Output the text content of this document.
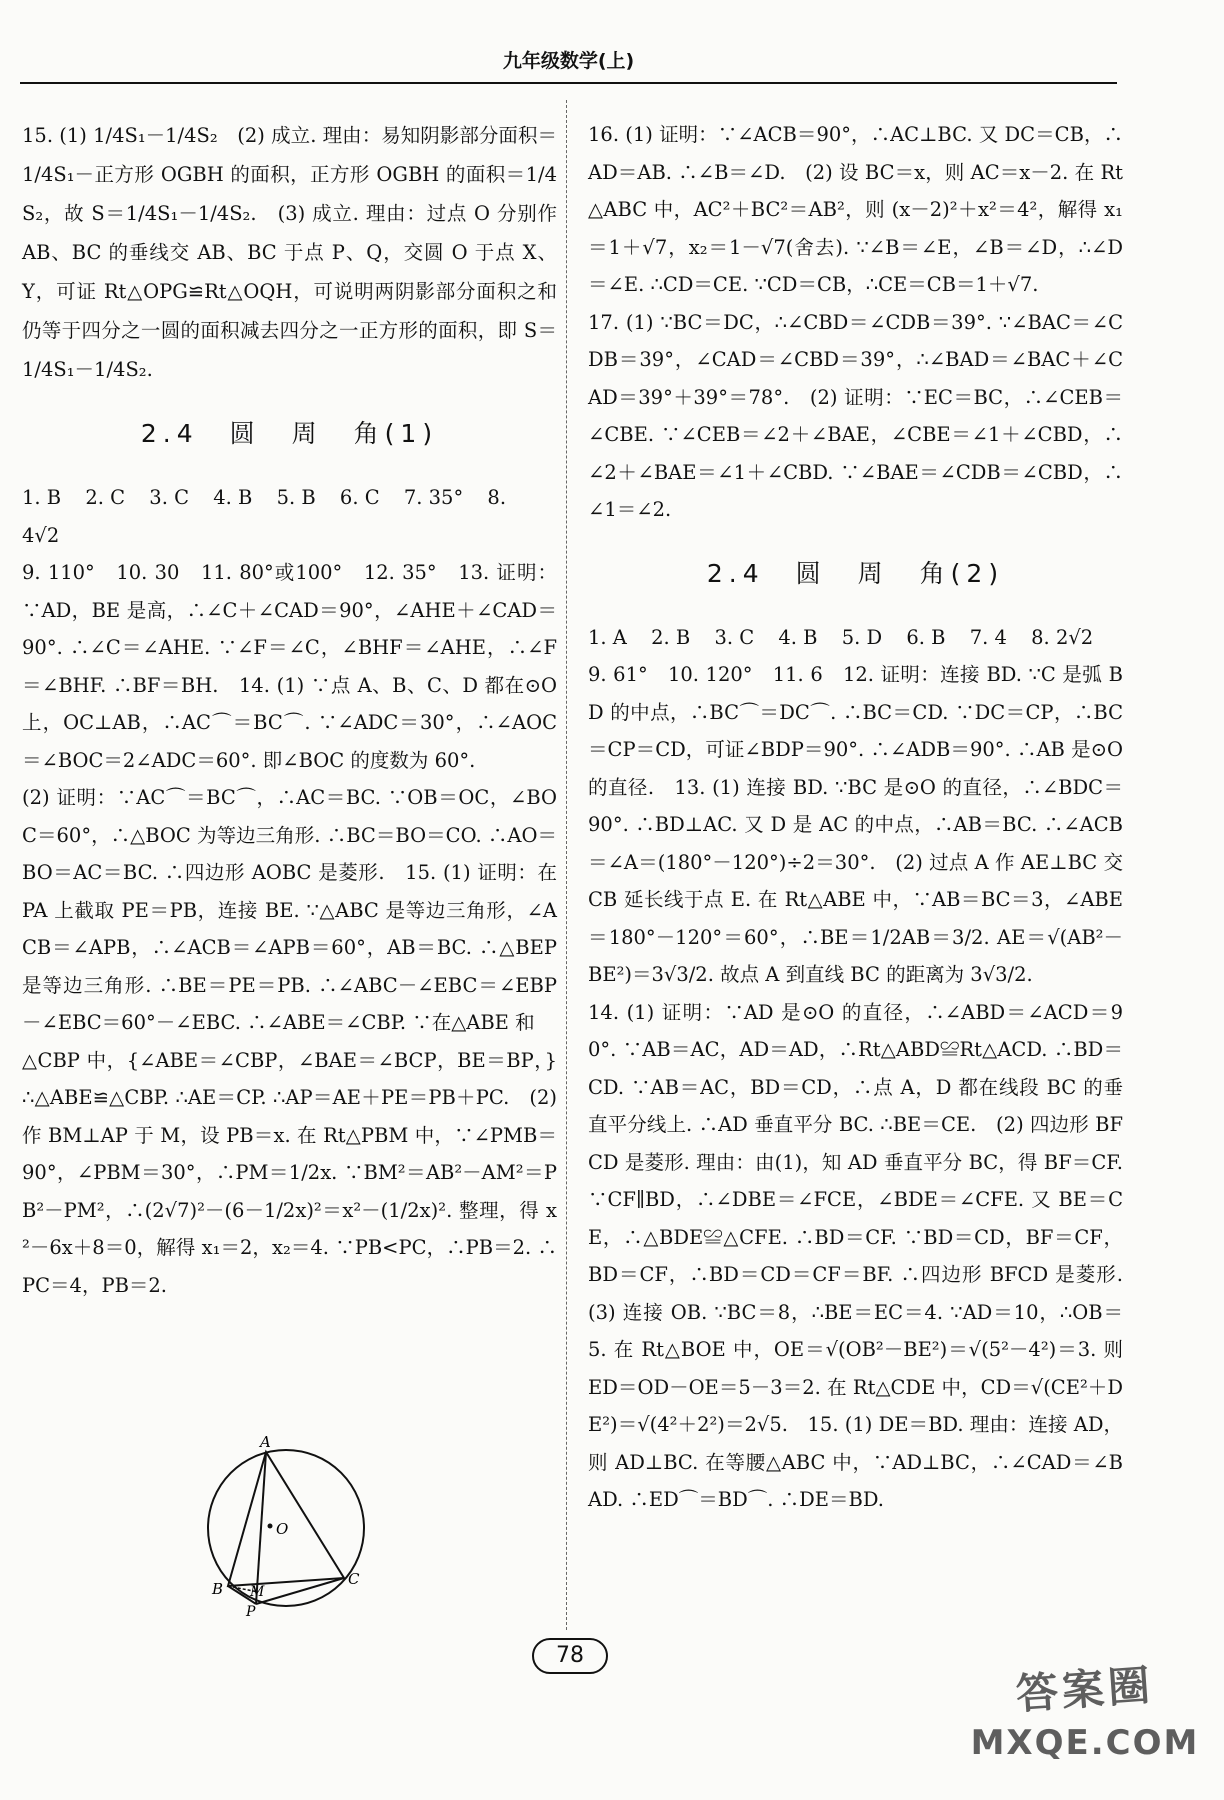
九年级数学(上)

15. (1) 1/4S₁－1/4S₂　(2) 成立. 理由：易知阴影部分面积＝1/4S₁－正方形 OGBH 的面积，正方形 OGBH 的面积＝1/4S₂，故 S＝1/4S₁－1/4S₂.　(3) 成立. 理由：过点 O 分别作 AB、BC 的垂线交 AB、BC 于点 P、Q，交圆 O 于点 X、Y，可证 Rt△OPG≌Rt△OQH，可说明两阴影部分面积之和仍等于四分之一圆的面积减去四分之一正方形的面积，即 S＝1/4S₁－1/4S₂.

2.4　圆　周　角(1)
1. B 2. C 3. C 4. B 5. B 6. C 7. 35° 8. 4√2

9. 110°　10. 30　11. 80°或100°　12. 35°　13. 证明：∵AD，BE 是高，∴∠C＋∠CAD＝90°，∠AHE＋∠CAD＝90°. ∴∠C＝∠AHE. ∵∠F＝∠C，∠BHF＝∠AHE，∴∠F＝∠BHF. ∴BF＝BH.　14. (1) ∵点 A、B、C、D 都在⊙O 上，OC⊥AB，∴AC⌒＝BC⌒. ∵∠ADC＝30°，∴∠AOC＝∠BOC＝2∠ADC＝60°. 即∠BOC 的度数为 60°.

(2) 证明：∵AC⌒＝BC⌒，∴AC＝BC. ∵OB＝OC，∠BOC＝60°，∴△BOC 为等边三角形. ∴BC＝BO＝CO. ∴AO＝BO＝AC＝BC. ∴四边形 AOBC 是菱形.　15. (1) 证明：在 PA 上截取 PE＝PB，连接 BE. ∵△ABC 是等边三角形，∠ACB＝∠APB，∴∠ACB＝∠APB＝60°，AB＝BC. ∴△BEP 是等边三角形. ∴BE＝PE＝PB. ∴∠ABC－∠EBC＝∠EBP－∠EBC＝60°－∠EBC. ∴∠ABE＝∠CBP. ∵在△ABE 和

△CBP 中，{∠ABE＝∠CBP，∠BAE＝∠BCP，BE＝BP，} ∴△ABE≌△CBP. ∴AE＝CP. ∴AP＝AE＋PE＝PB＋PC.　(2) 作 BM⊥AP 于 M，设 PB＝x. 在 Rt△PBM 中，∵∠PMB＝90°，∠PBM＝30°，∴PM＝1/2x. ∵BM²＝AB²－AM²＝PB²－PM²，∴(2√7)²－(6－1/2x)²＝x²－(1/2x)². 整理，得 x²－6x＋8＝0，解得 x₁＝2，x₂＝4. ∵PB<PC，∴PB＝2. ∴PC＝4，PB＝2.

A
O
B M
C
P

16. (1) 证明：∵∠ACB＝90°，∴AC⊥BC. 又 DC＝CB，∴AD＝AB. ∴∠B＝∠D.　(2) 设 BC＝x，则 AC＝x－2. 在 Rt△ABC 中，AC²＋BC²＝AB²，则 (x－2)²＋x²＝4²，解得 x₁＝1＋√7，x₂＝1－√7(舍去). ∵∠B＝∠E，∠B＝∠D，∴∠D＝∠E. ∴CD＝CE. ∵CD＝CB，∴CE＝CB＝1＋√7.

17. (1) ∵BC＝DC，∴∠CBD＝∠CDB＝39°. ∵∠BAC＝∠CDB＝39°，∠CAD＝∠CBD＝39°，∴∠BAD＝∠BAC＋∠CAD＝39°＋39°＝78°.　(2) 证明：∵EC＝BC，∴∠CEB＝∠CBE. ∵∠CEB＝∠2＋∠BAE，∠CBE＝∠1＋∠CBD，∴∠2＋∠BAE＝∠1＋∠CBD. ∵∠BAE＝∠CDB＝∠CBD，∴∠1＝∠2.

2.4　圆　周　角(2)
1. A 2. B 3. C 4. B 5. D 6. B 7. 4 8. 2√2

9. 61°　10. 120°　11. 6　12. 证明：连接 BD. ∵C 是弧 BD 的中点，∴BC⌒＝DC⌒. ∴BC＝CD. ∵DC＝CP，∴BC＝CP＝CD，可证∠BDP＝90°. ∴∠ADB＝90°. ∴AB 是⊙O 的直径.　13. (1) 连接 BD. ∵BC 是⊙O 的直径，∴∠BDC＝90°. ∴BD⊥AC. 又 D 是 AC 的中点，∴AB＝BC. ∴∠ACB＝∠A＝(180°－120°)÷2＝30°.　(2) 过点 A 作 AE⊥BC 交 CB 延长线于点 E. 在 Rt△ABE 中，∵AB＝BC＝3，∠ABE＝180°－120°＝60°，∴BE＝1/2AB＝3/2. AE＝√(AB²－BE²)＝3√3/2. 故点 A 到直线 BC 的距离为 3√3/2.

14. (1) 证明：∵AD 是⊙O 的直径，∴∠ABD＝∠ACD＝90°. ∵AB＝AC，AD＝AD，∴Rt△ABD≌Rt△ACD. ∴BD＝CD. ∵AB＝AC，BD＝CD，∴点 A，D 都在线段 BC 的垂直平分线上. ∴AD 垂直平分 BC. ∴BE＝CE.　(2) 四边形 BFCD 是菱形. 理由：由(1)，知 AD 垂直平分 BC，得 BF＝CF. ∵CF∥BD，∴∠DBE＝∠FCE，∠BDE＝∠CFE. 又 BE＝CE，∴△BDE≌△CFE. ∴BD＝CF. ∵BD＝CD，BF＝CF，BD＝CF，∴BD＝CD＝CF＝BF. ∴四边形 BFCD 是菱形.　(3) 连接 OB. ∵BC＝8，∴BE＝EC＝4. ∵AD＝10，∴OB＝5. 在 Rt△BOE 中，OE＝√(OB²－BE²)＝√(5²－4²)＝3. 则 ED＝OD－OE＝5－3＝2. 在 Rt△CDE 中，CD＝√(CE²＋DE²)＝√(4²＋2²)＝2√5.　15. (1) DE＝BD. 理由：连接 AD，则 AD⊥BC. 在等腰△ABC 中，∵AD⊥BC，∴∠CAD＝∠BAD. ∴ED⌒＝BD⌒. ∴DE＝BD.

78
答案圈
MXQE.COM
